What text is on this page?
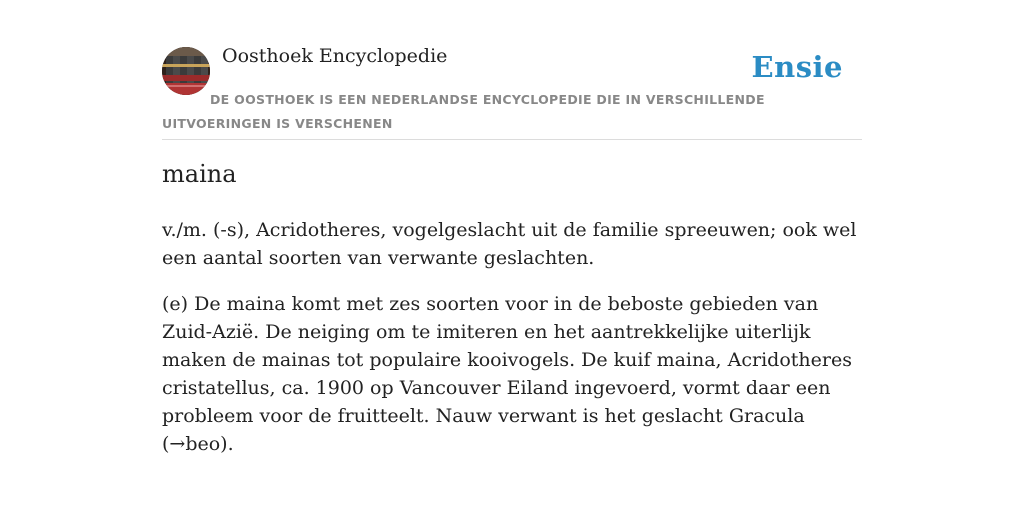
Oosthoek Encyclopedie	Ensie
DE OOSTHOEK IS EEN NEDERLANDSE ENCYCLOPEDIE DIE IN VERSCHILLENDE UITVOERINGEN IS VERSCHENEN
maina

v./m. (-s), Acridotheres, vogelgeslacht uit de familie spreeuwen; ook wel een aantal soorten van verwante geslachten.

(e) De maina komt met zes soorten voor in de beboste gebieden van Zuid-Azië. De neiging om te imiteren en het aantrekkelijke uiterlijk maken de mainas tot populaire kooivogels. De kuif maina, Acridotheres cristatellus, ca. 1900 op Vancouver Eiland ingevoerd, vormt daar een probleem voor de fruitteelt. Nauw verwant is het geslacht Gracula (→beo).
